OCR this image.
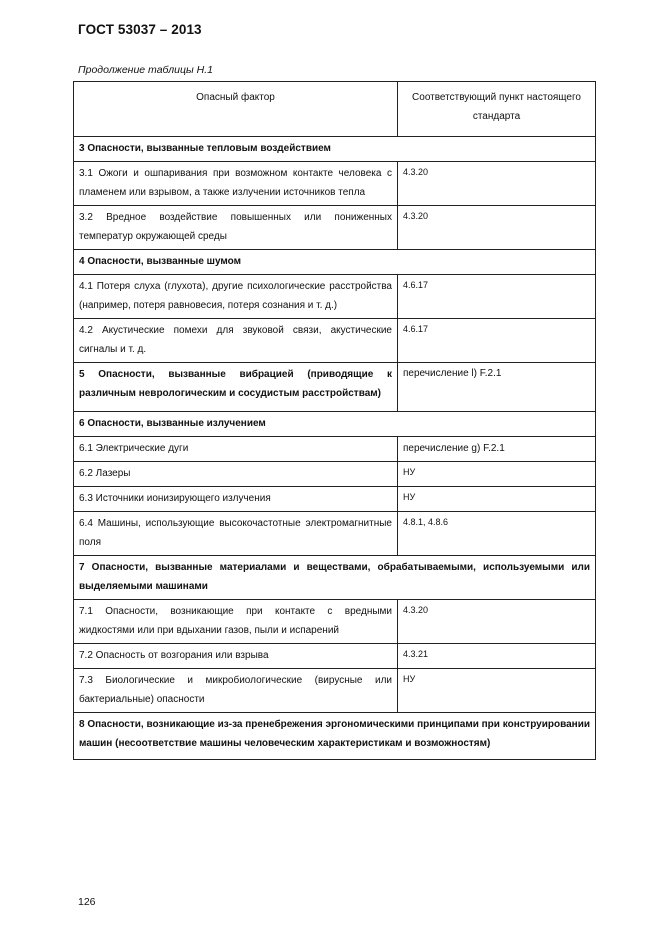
ГОСТ 53037 – 2013
Продолжение таблицы Н.1
Опасный фактор	Соответствующий пункт настоящего стандарта
3 Опасности, вызванные тепловым воздействием	
3.1 Ожоги и ошпаривания при возможном контакте человека с пламенем или взрывом, а также излучении источников тепла	4.3.20
3.2 Вредное воздействие повышенных или пониженных температур окружающей среды	4.3.20
4 Опасности, вызванные шумом	
4.1 Потеря слуха (глухота), другие психологические расстройства (например, потеря равновесия, потеря сознания и т. д.)	4.6.17
4.2 Акустические помехи для звуковой связи, акустические сигналы и т. д.	4.6.17
5 Опасности, вызванные вибрацией (приводящие к различным неврологическим и сосудистым расстройствам)	перечисление l) F.2.1
6 Опасности, вызванные излучением	
6.1 Электрические дуги	перечисление g) F.2.1
6.2 Лазеры	НУ
6.3 Источники ионизирующего излучения	НУ
6.4 Машины, использующие высокочастотные электромагнитные поля	4.8.1, 4.8.6
7 Опасности, вызванные материалами и веществами, обрабатываемыми, используемыми или выделяемыми машинами	
7.1 Опасности, возникающие при контакте с вредными жидкостями или при вдыхании газов, пыли и испарений	4.3.20
7.2 Опасность от возгорания или взрыва	4.3.21
7.3 Биологические и микробиологические (вирусные или бактериальные) опасности	НУ
8 Опасности, возникающие из-за пренебрежения эргономическими принципами при конструировании машин (несоответствие машины человеческим характеристикам и возможностям)	
126
